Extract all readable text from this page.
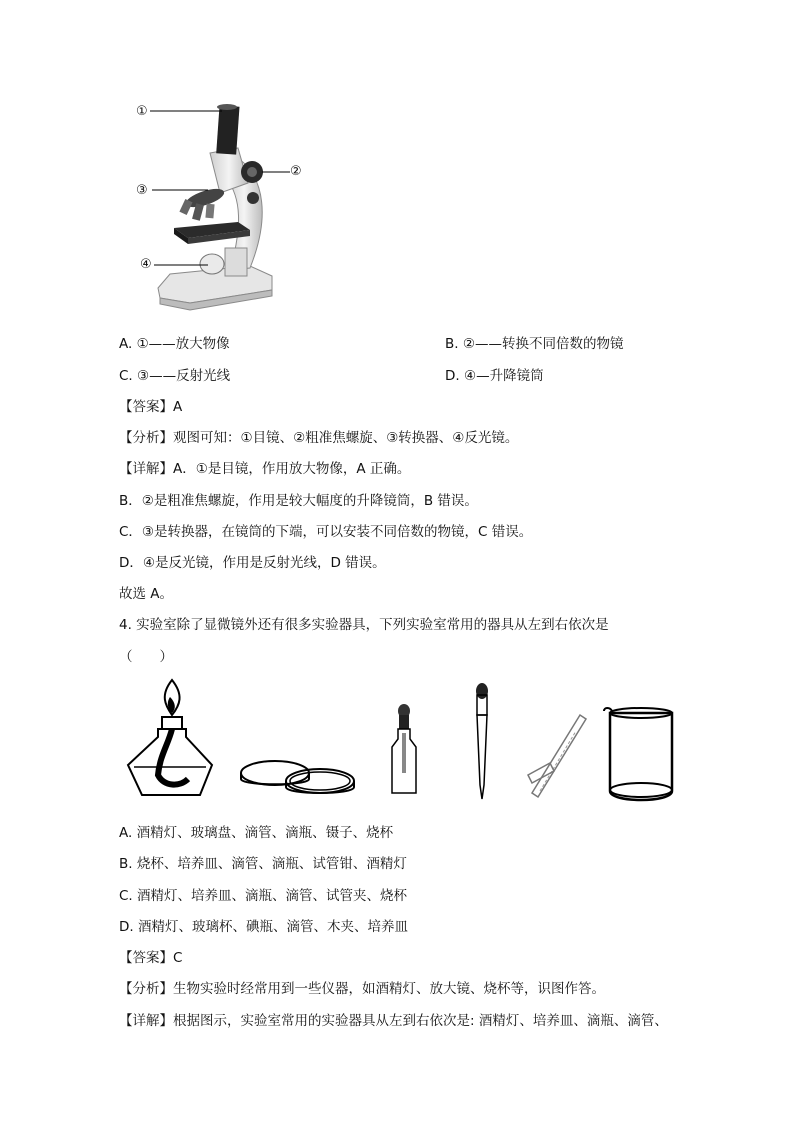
①
②
③
④
A. ①——放大物像	B. ②——转换不同倍数的物镜
C. ③——反射光线	D. ④—升降镜筒
【答案】A
【分析】观图可知：①目镜、②粗准焦螺旋、③转换器、④反光镜。
【详解】A．①是目镜，作用放大物像，A 正确。
B．②是粗准焦螺旋，作用是较大幅度的升降镜筒，B 错误。
C．③是转换器，在镜筒的下端，可以安装不同倍数的物镜，C 错误。
D．④是反光镜，作用是反射光线，D 错误。
故选 A。
4. 实验室除了显微镜外还有很多实验器具，下列实验室常用的器具从左到右依次是
（　　）
A. 酒精灯、玻璃盘、滴管、滴瓶、镊子、烧杯
B. 烧杯、培养皿、滴管、滴瓶、试管钳、酒精灯
C. 酒精灯、培养皿、滴瓶、滴管、试管夹、烧杯
D. 酒精灯、玻璃杯、碘瓶、滴管、木夹、培养皿
【答案】C
【分析】生物实验时经常用到一些仪器，如酒精灯、放大镜、烧杯等，识图作答。
【详解】根据图示，实验室常用的实验器具从左到右依次是: 酒精灯、培养皿、滴瓶、滴管、
